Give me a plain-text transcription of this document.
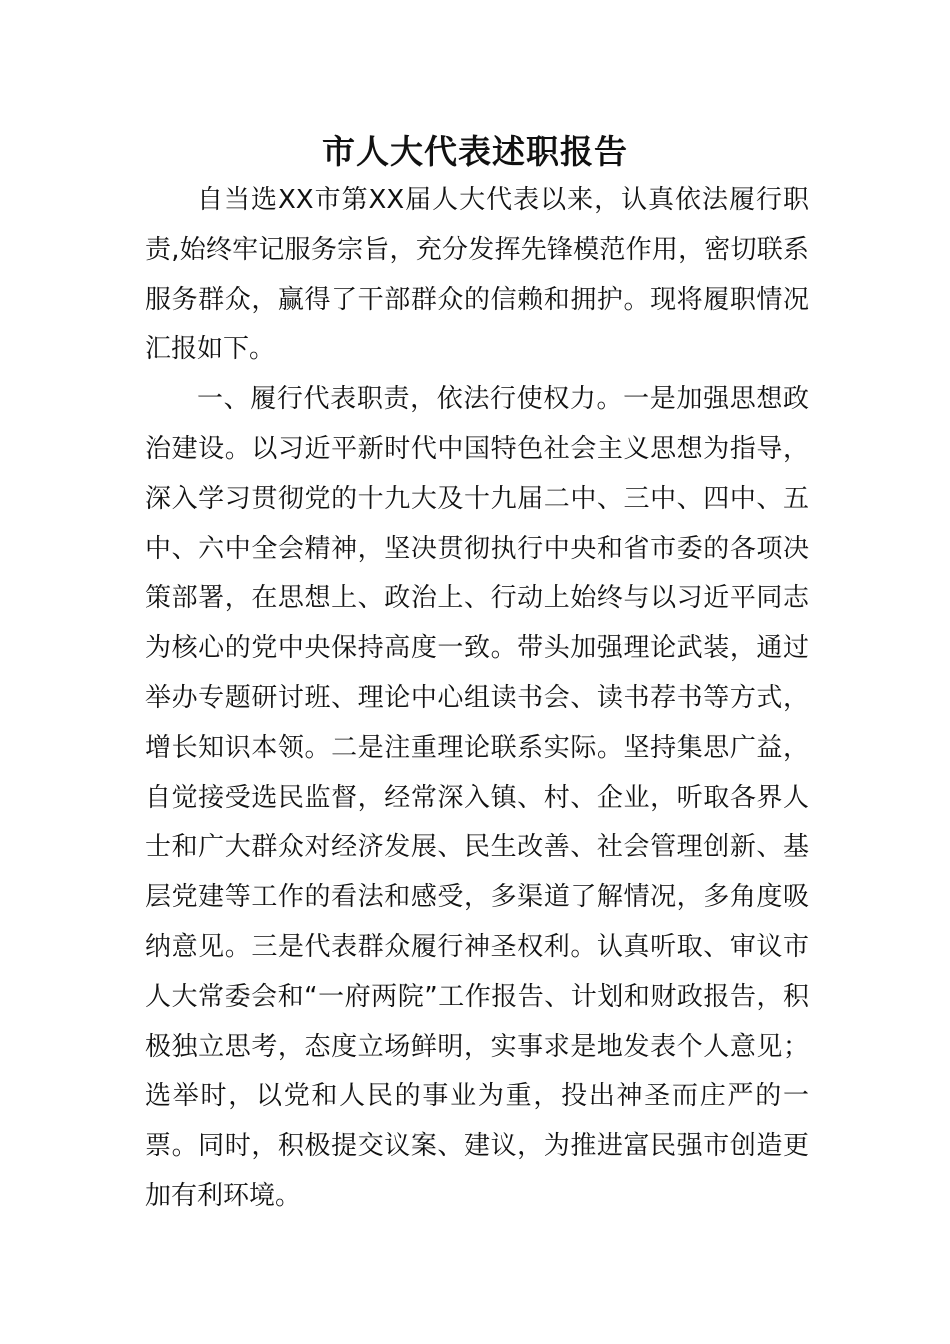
市人大代表述职报告

自当选XX市第XX届人大代表以来，认真依法履行职责,始终牢记服务宗旨，充分发挥先锋模范作用，密切联系服务群众，赢得了干部群众的信赖和拥护。现将履职情况汇报如下。

一、履行代表职责，依法行使权力。一是加强思想政治建设。以习近平新时代中国特色社会主义思想为指导，深入学习贯彻党的十九大及十九届二中、三中、四中、五中、六中全会精神，坚决贯彻执行中央和省市委的各项决策部署，在思想上、政治上、行动上始终与以习近平同志为核心的党中央保持高度一致。带头加强理论武装，通过举办专题研讨班、理论中心组读书会、读书荐书等方式，增长知识本领。二是注重理论联系实际。坚持集思广益，自觉接受选民监督，经常深入镇、村、企业，听取各界人士和广大群众对经济发展、民生改善、社会管理创新、基层党建等工作的看法和感受，多渠道了解情况，多角度吸纳意见。三是代表群众履行神圣权利。认真听取、审议市人大常委会和“一府两院”工作报告、计划和财政报告，积极独立思考，态度立场鲜明，实事求是地发表个人意见；选举时，以党和人民的事业为重，投出神圣而庄严的一票。同时，积极提交议案、建议，为推进富民强市创造更加有利环境。
